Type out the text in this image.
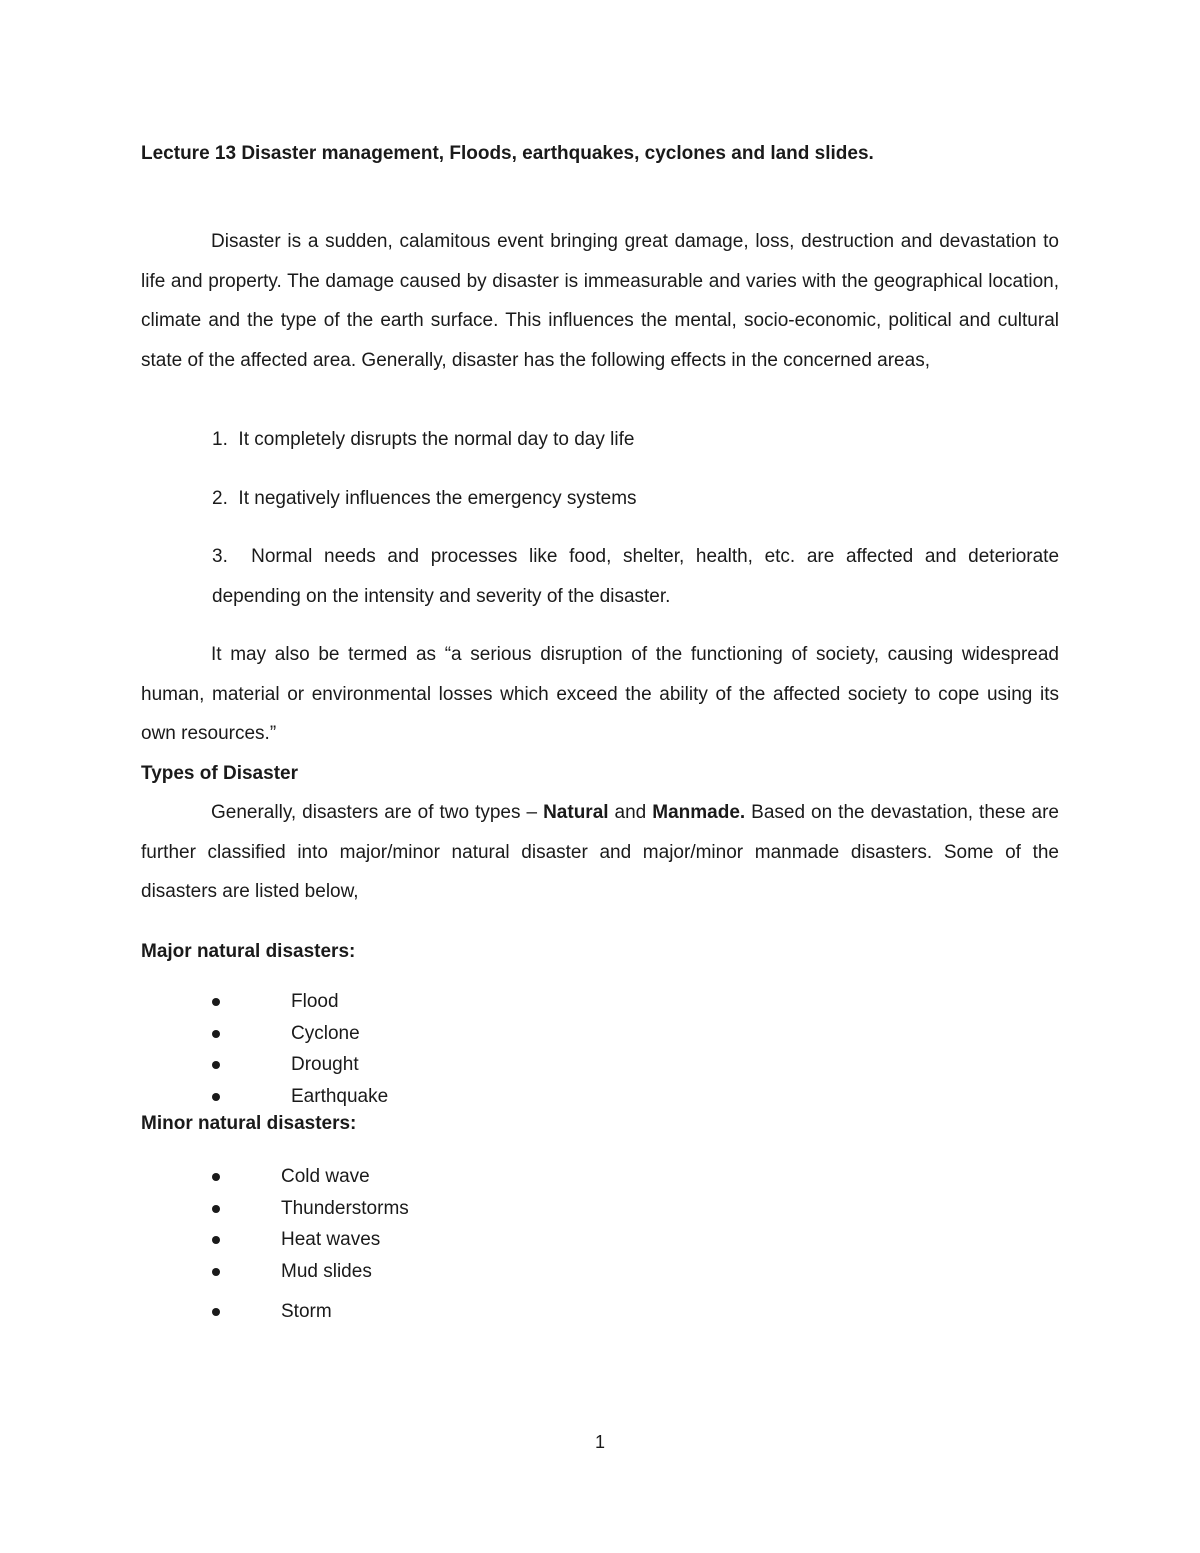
Lecture 13 Disaster management, Floods, earthquakes, cyclones and land slides.

Disaster is a sudden, calamitous event bringing great damage, loss, destruction and devastation to life and property. The damage caused by disaster is immeasurable and varies with the geographical location, climate and the type of the earth surface. This influences the mental, socio-economic, political and cultural state of the affected area. Generally, disaster has the following effects in the concerned areas,

1. It completely disrupts the normal day to day life

2. It negatively influences the emergency systems

3. Normal needs and processes like food, shelter, health, etc. are affected and deteriorate depending on the intensity and severity of the disaster.

It may also be termed as “a serious disruption of the functioning of society, causing widespread human, material or environmental losses which exceed the ability of the affected society to cope using its own resources.”

Types of Disaster

Generally, disasters are of two types – Natural and Manmade. Based on the devastation, these are further classified into major/minor natural disaster and major/minor manmade disasters. Some of the disasters are listed below,

Major natural disasters:
Flood
Cyclone
Drought
Earthquake
Minor natural disasters:
Cold wave
Thunderstorms
Heat waves
Mud slides
Storm
1
